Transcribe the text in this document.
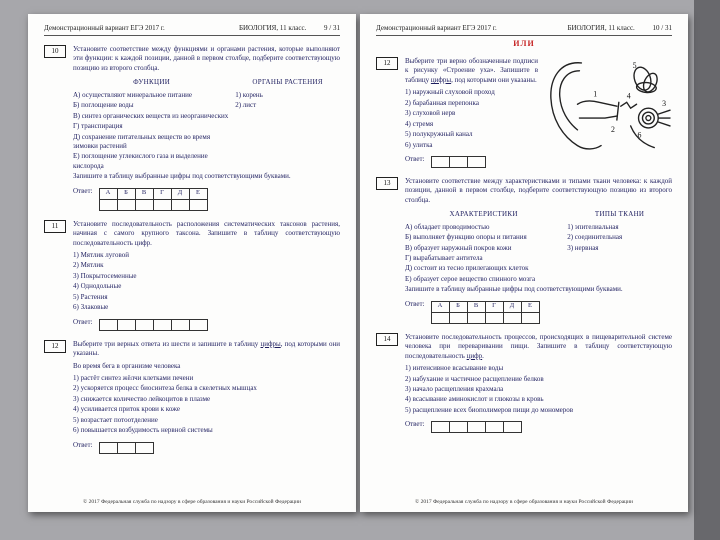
Демонстрационный вариант ЕГЭ 2017 г.	БИОЛОГИЯ, 11 класс.	9 / 31
10	Установите соответствие между функциями и органами растения, которые выполняют эти функции: к каждой позиции, данной в первом столбце, подберите соответствующую позицию из второго столбца.

ФУНКЦИИ
А) осуществляют минеральное питание
Б) поглощение воды
В) синтез органических веществ из неорганических
Г) транспирация
Д) сохранение питательных веществ во время зимовки растений
Е) поглощение углекислого газа и выделение кислорода
ОРГАНЫ РАСТЕНИЯ
1) корень
2) лист

Запишите в таблицу выбранные цифры под соответствующими буквами.

Ответ: А	Б	В	Г	Д	Е

11	Установите последовательность расположения систематических таксонов растения, начиная с самого крупного таксона. Запишите в таблицу соответствующую последовательность цифр.

1) Мятлик луговой
2) Мятлик
3) Покрытосеменные
4) Однодольные
5) Растения
6) Злаковые
Ответ:

12	Выберите три верных ответа из шести и запишите в таблицу цифры, под которыми они указаны.

Во время бега в организме человека

1) растёт синтез жёлчи клетками печени
2) ускоряется процесс биосинтеза белка в скелетных мышцах
3) снижается количество лейкоцитов в плазме
4) усиливается приток крови к коже
5) возрастает потоотделение
6) повышается возбудимость нервной системы
Ответ:

© 2017 Федеральная служба по надзору в сфере образования и науки Российской Федерации
Демонстрационный вариант ЕГЭ 2017 г.	БИОЛОГИЯ, 11 класс.	10 / 31
ИЛИ
12
1
2
3
4
5
6

Выберите три верно обозначенные подписи к рисунку «Строение уха». Запишите в таблицу цифры, под которыми они указаны.

1) наружный слуховой проход
2) барабанная перепонка
3) слуховой нерв
4) стремя
5) полукружный канал
6) улитка
Ответ:

13	Установите соответствие между характеристиками и типами ткани человека: к каждой позиции, данной в первом столбце, подберите соответствующую позицию из второго столбца.

ХАРАКТЕРИСТИКИ
А) обладает проводимостью
Б) выполняет функцию опоры и питания
В) образует наружный покров кожи
Г) вырабатывает антитела
Д) состоит из тесно прилегающих клеток
Е) образует серое вещество спинного мозга
ТИПЫ ТКАНИ
1) эпителиальная
2) соединительная
3) нервная

Запишите в таблицу выбранные цифры под соответствующими буквами.

Ответ: А	Б	В	Г	Д	Е

14	Установите последовательность процессов, происходящих в пищеварительной системе человека при переваривании пищи. Запишите в таблицу соответствующую последовательность цифр.

1) интенсивное всасывание воды
2) набухание и частичное расщепление белков
3) начало расщепления крахмала
4) всасывание аминокислот и глюкозы в кровь
5) расщепление всех биополимеров пищи до мономеров
Ответ:

© 2017 Федеральная служба по надзору в сфере образования и науки Российской Федерации
